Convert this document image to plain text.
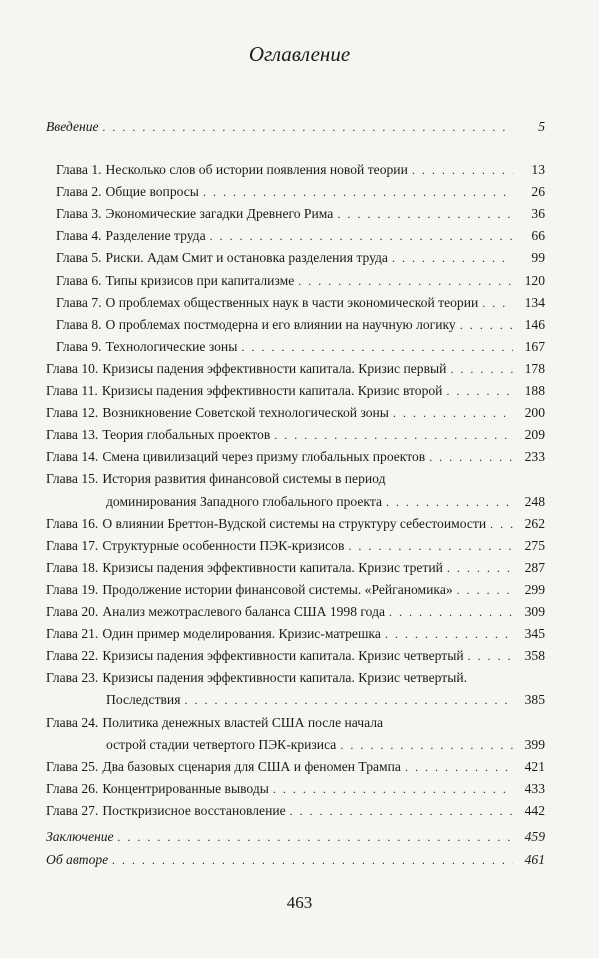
Оглавление
Введение . . .	5
Глава 1. Несколько слов об истории появления новой теории . . .	13
Глава 2. Общие вопросы . . .	26
Глава 3. Экономические загадки Древнего Рима . . .	36
Глава 4. Разделение труда . . .	66
Глава 5. Риски. Адам Смит и остановка разделения труда . . .	99
Глава 6. Типы кризисов при капитализме . . .	120
Глава 7. О проблемах общественных наук в части экономической теории . . .	134
Глава 8. О проблемах постмодерна и его влиянии на научную логику . . .	146
Глава 9. Технологические зоны . . .	167
Глава 10. Кризисы падения эффективности капитала. Кризис первый . . .	178
Глава 11. Кризисы падения эффективности капитала. Кризис второй . . .	188
Глава 12. Возникновение Советской технологической зоны . . .	200
Глава 13. Теория глобальных проектов . . .	209
Глава 14. Смена цивилизаций через призму глобальных проектов . . .	233
Глава 15. История развития финансовой системы в период
доминирования Западного глобального проекта . . .	248
Глава 16. О влиянии Бреттон-Вудской системы на структуру себестоимости . . .	262
Глава 17. Структурные особенности ПЭК-кризисов . . .	275
Глава 18. Кризисы падения эффективности капитала. Кризис третий . . .	287
Глава 19. Продолжение истории финансовой системы. «Рейганомика» . . .	299
Глава 20. Анализ межотраслевого баланса США 1998 года . . .	309
Глава 21. Один пример моделирования. Кризис-матрешка . . .	345
Глава 22. Кризисы падения эффективности капитала. Кризис четвертый . . .	358
Глава 23. Кризисы падения эффективности капитала. Кризис четвертый.
Последствия . . .	385
Глава 24. Политика денежных властей США после начала
острой стадии четвертого ПЭК-кризиса . . .	399
Глава 25. Два базовых сценария для США и феномен Трампа . . .	421
Глава 26. Концентрированные выводы . . .	433
Глава 27. Посткризисное восстановление . . .	442
Заключение . . .	459
Об авторе . . .	461
463
